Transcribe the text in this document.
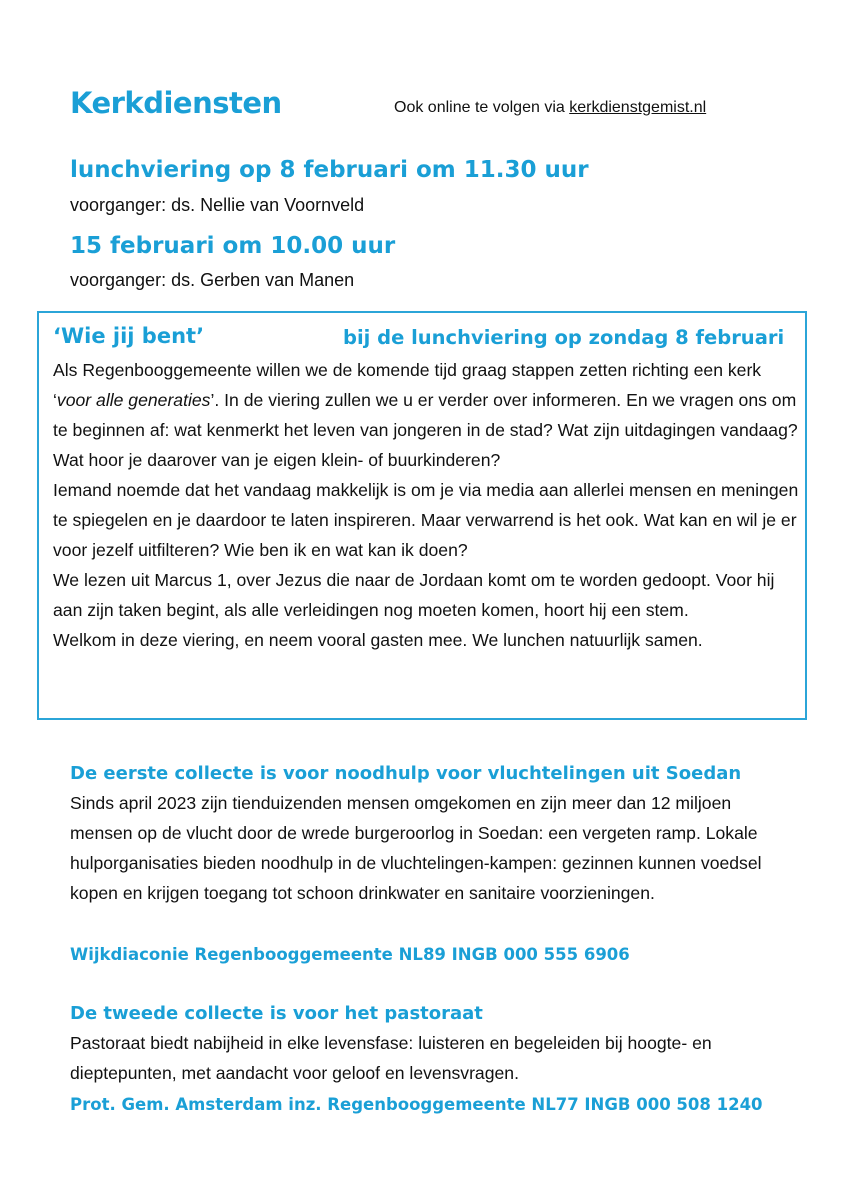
Kerkdiensten	Ook online te volgen via kerkdienstgemist.nl
lunchviering op 8 februari om 11.30 uur
voorganger: ds. Nellie van Voornveld
15 februari om 10.00 uur
voorganger: ds. Gerben van Manen
‘Wie jij bent’	bij de lunchviering op zondag 8 februari

Als Regenbooggemeente willen we de komende tijd graag stappen zetten richting een kerk ‘voor alle generaties’. In de viering zullen we u er verder over informeren. En we vragen ons om te beginnen af: wat kenmerkt het leven van jongeren in de stad? Wat zijn uitdagingen vandaag? Wat hoor je daarover van je eigen klein- of buurkinderen?

Iemand noemde dat het vandaag makkelijk is om je via media aan allerlei mensen en meningen te spiegelen en je daardoor te laten inspireren. Maar verwarrend is het ook. Wat kan en wil je er voor jezelf uitfilteren? Wie ben ik en wat kan ik doen?

We lezen uit Marcus 1, over Jezus die naar de Jordaan komt om te worden gedoopt. Voor hij aan zijn taken begint, als alle verleidingen nog moeten komen, hoort hij een stem.

Welkom in deze viering, en neem vooral gasten mee. We lunchen natuurlijk samen.

De eerste collecte is voor noodhulp voor vluchtelingen uit Soedan

Sinds april 2023 zijn tienduizenden mensen omgekomen en zijn meer dan 12 miljoen mensen op de vlucht door de wrede burgeroorlog in Soedan: een vergeten ramp. Lokale hulporganisaties bieden noodhulp in de vluchtelingen-kampen: gezinnen kunnen voedsel kopen en krijgen toegang tot schoon drinkwater en sanitaire voorzieningen.

Wijkdiaconie Regenbooggemeente NL89 INGB 000 555 6906
De tweede collecte is voor het pastoraat

Pastoraat biedt nabijheid in elke levensfase: luisteren en begeleiden bij hoogte- en dieptepunten, met aandacht voor geloof en levensvragen.

Prot. Gem. Amsterdam inz. Regenbooggemeente NL77 INGB 000 508 1240
